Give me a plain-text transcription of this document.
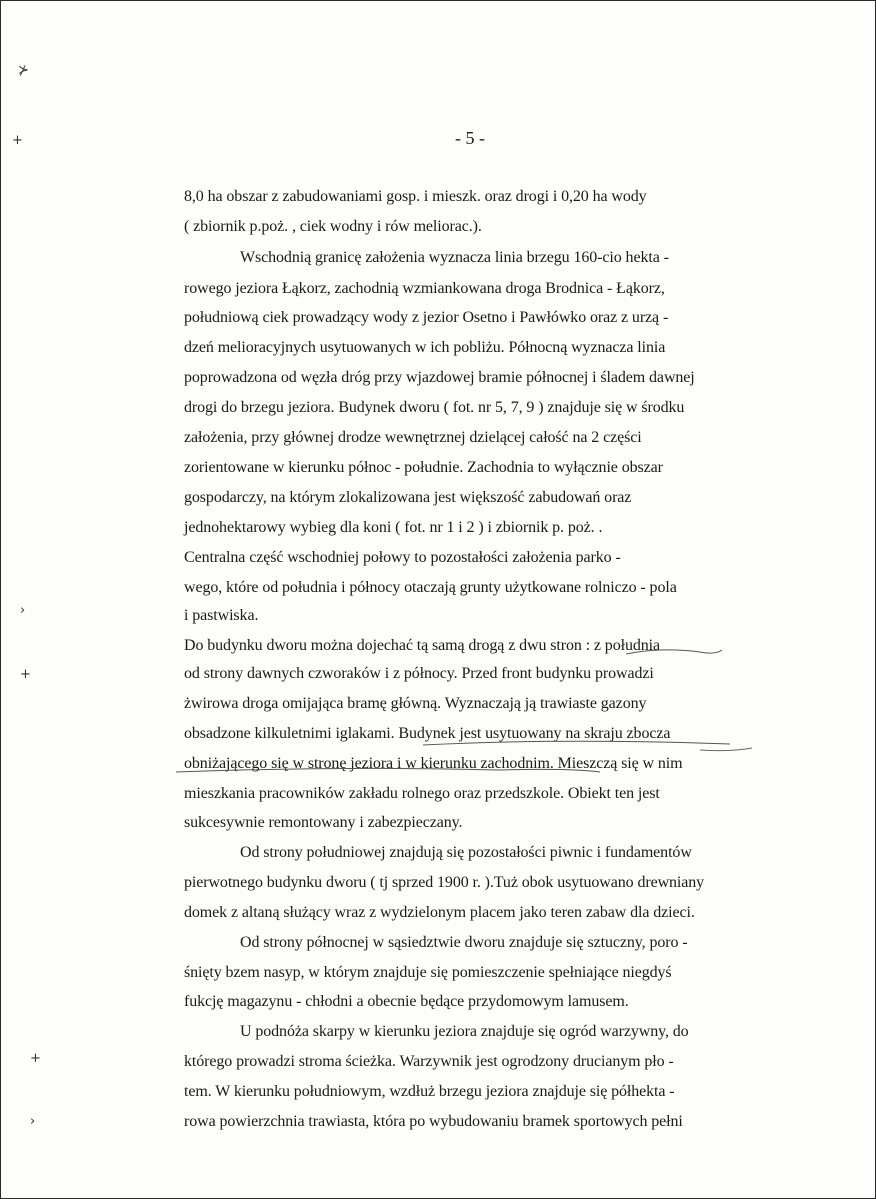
⊁
+
›
+
+
›
- 5 -
8,0 ha obszar z zabudowaniami gosp. i mieszk. oraz drogi i 0,20 ha wody
( zbiornik p.poż. , ciek wodny i rów meliorac.).
Wschodnią granicę założenia wyznacza linia brzegu 160-cio hekta -
rowego jeziora Łąkorz, zachodnią wzmiankowana droga Brodnica - Łąkorz,
południową ciek prowadzący wody z jezior Osetno i Pawłówko oraz z urzą -
dzeń melioracyjnych usytuowanych w ich pobliżu. Północną wyznacza linia
poprowadzona od węzła dróg przy wjazdowej bramie północnej i śladem dawnej
drogi do brzegu jeziora. Budynek dworu ( fot. nr 5, 7, 9 ) znajduje się w środku
założenia, przy głównej drodze wewnętrznej dzielącej całość na 2 części
zorientowane w kierunku północ - południe. Zachodnia to wyłącznie obszar
gospodarczy, na którym zlokalizowana jest większość zabudowań oraz
jednohektarowy wybieg dla koni ( fot. nr 1 i 2 ) i zbiornik p. poż. .
Centralna część wschodniej połowy to pozostałości założenia parko -
wego, które od południa i północy otaczają grunty użytkowane rolniczo - pola
i pastwiska.
Do budynku dworu można dojechać tą samą drogą z dwu stron : z południa
od strony dawnych czworaków i z północy. Przed front budynku prowadzi
żwirowa droga omijająca bramę główną. Wyznaczają ją trawiaste gazony
obsadzone kilkuletnimi iglakami. Budynek jest usytuowany na skraju zbocza
obniżającego się w stronę jeziora i w kierunku zachodnim. Mieszczą się w nim
mieszkania pracowników zakładu rolnego oraz przedszkole. Obiekt ten jest
sukcesywnie remontowany i zabezpieczany.
Od strony południowej znajdują się pozostałości piwnic i fundamentów
pierwotnego budynku dworu ( tj sprzed 1900 r. ).Tuż obok usytuowano drewniany
domek z altaną służący wraz z wydzielonym placem jako teren zabaw dla dzieci.
Od strony północnej w sąsiedztwie dworu znajduje się sztuczny, poro -
śnięty bzem nasyp, w którym znajduje się pomieszczenie spełniające niegdyś
fukcję magazynu - chłodni a obecnie będące przydomowym lamusem.
U podnóża skarpy w kierunku jeziora znajduje się ogród warzywny, do
którego prowadzi stroma ścieżka. Warzywnik jest ogrodzony drucianym pło -
tem. W kierunku południowym, wzdłuż brzegu jeziora znajduje się półhekta -
rowa powierzchnia trawiasta, która po wybudowaniu bramek sportowych pełni
